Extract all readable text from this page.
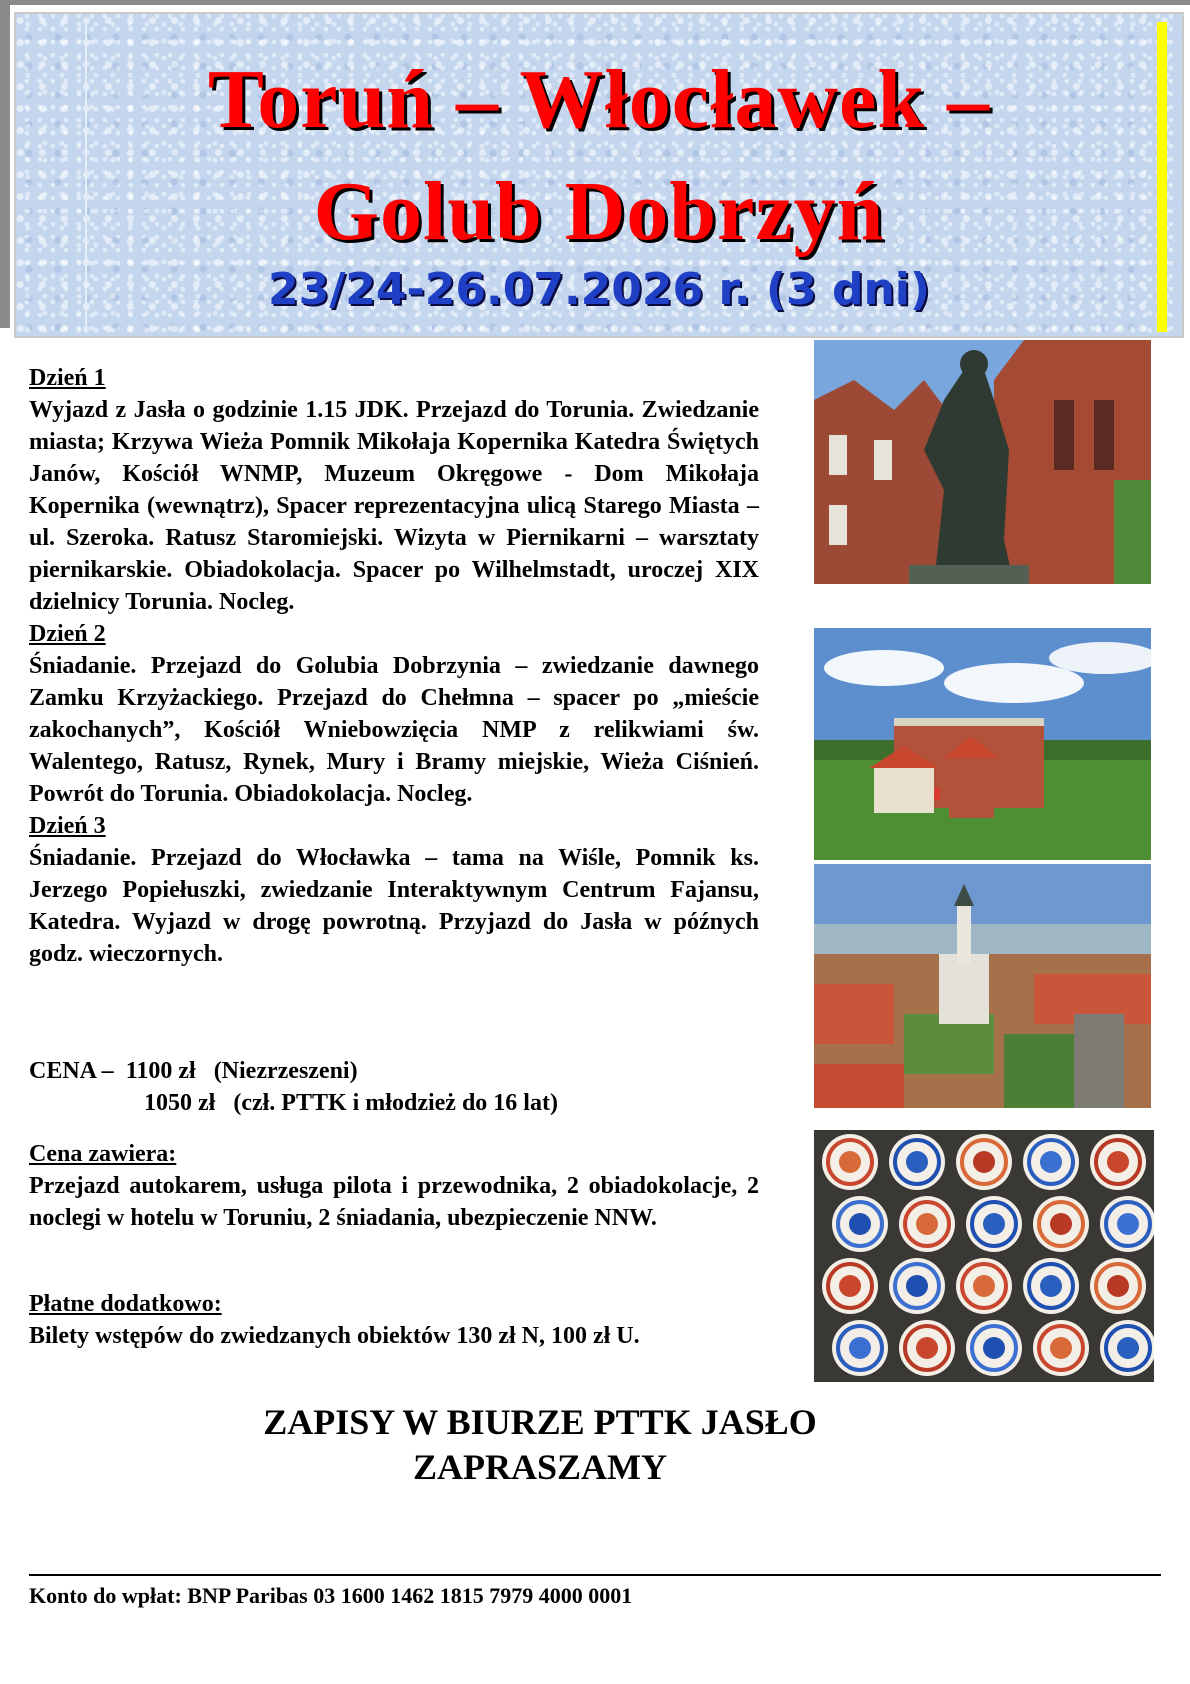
Toruń – Włocławek –
Golub Dobrzyń
23/24-26.07.2026 r. (3 dni)
Dzień 1

Wyjazd z Jasła o godzinie 1.15 JDK. Przejazd do Torunia. Zwiedzanie miasta; Krzywa Wieża Pomnik Mikołaja Kopernika Katedra Świętych Janów, Kościół WNMP, Muzeum Okręgowe - Dom Mikołaja Kopernika (wewnątrz), Spacer reprezentacyjna ulicą Starego Miasta – ul. Szeroka. Ratusz Staromiejski. Wizyta w Piernikarni – warsztaty piernikarskie. Obiadokolacja. Spacer po Wilhelmstadt, uroczej XIX dzielnicy Torunia. Nocleg.

Dzień 2

Śniadanie. Przejazd do Golubia Dobrzynia – zwiedzanie dawnego Zamku Krzyżackiego. Przejazd do Chełmna – spacer po „mieście zakochanych”, Kościół Wniebowzięcia NMP z relikwiami św. Walentego, Ratusz, Rynek, Mury i Bramy miejskie, Wieża Ciśnień. Powrót do Torunia. Obiadokolacja. Nocleg.

Dzień 3

Śniadanie. Przejazd do Włocławka – tama na Wiśle, Pomnik ks. Jerzego Popiełuszki, zwiedzanie Interaktywnym Centrum Fajansu, Katedra. Wyjazd w drogę powrotną. Przyjazd do Jasła w późnych godz. wieczornych.

CENA – 1100 zł (Niezrzeszeni)
1050 zł (czł. PTTK i młodzież do 16 lat)
Cena zawiera:

Przejazd autokarem, usługa pilota i przewodnika, 2 obiadokolacje, 2 noclegi w hotelu w Toruniu, 2 śniadania, ubezpieczenie NNW.

Płatne dodatkowo:
Bilety wstępów do zwiedzanych obiektów 130 zł N, 100 zł U.
ZAPISY W BIURZE PTTK JASŁO
ZAPRASZAMY
Konto do wpłat: BNP Paribas 03 1600 1462 1815 7979 4000 0001
